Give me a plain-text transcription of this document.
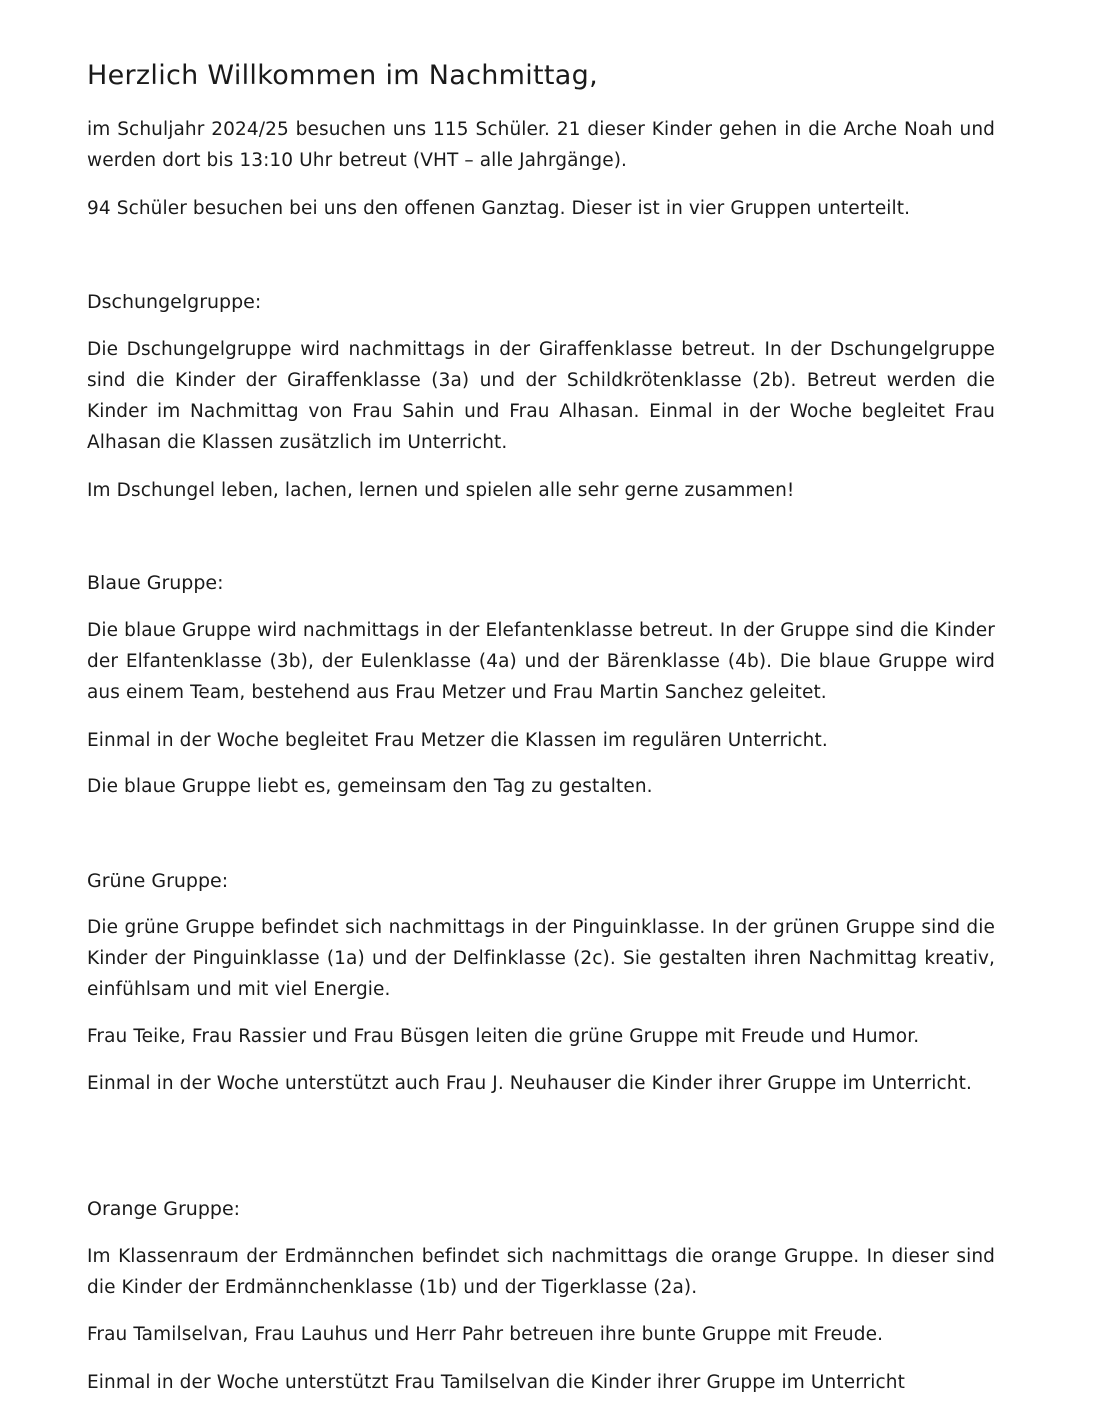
Herzlich Willkommen im Nachmittag,

im Schuljahr 2024/25 besuchen uns 115 Schüler. 21 dieser Kinder gehen in die Arche Noah und werden dort bis 13:10 Uhr betreut (VHT – alle Jahrgänge).

94 Schüler besuchen bei uns den offenen Ganztag. Dieser ist in vier Gruppen unterteilt.

Dschungelgruppe:

Die Dschungelgruppe wird nachmittags in der Giraffenklasse betreut. In der Dschungelgruppe sind die Kinder der Giraffenklasse (3a) und der Schildkrötenklasse (2b). Betreut werden die Kinder im Nachmittag von Frau Sahin und Frau Alhasan. Einmal in der Woche begleitet Frau Alhasan die Klassen zusätzlich im Unterricht.

Im Dschungel leben, lachen, lernen und spielen alle sehr gerne zusammen!

Blaue Gruppe:

Die blaue Gruppe wird nachmittags in der Elefantenklasse betreut. In der Gruppe sind die Kinder der Elfantenklasse (3b), der Eulenklasse (4a) und der Bärenklasse (4b). Die blaue Gruppe wird aus einem Team, bestehend aus Frau Metzer und Frau Martin Sanchez geleitet.

Einmal in der Woche begleitet Frau Metzer die Klassen im regulären Unterricht.

Die blaue Gruppe liebt es, gemeinsam den Tag zu gestalten.

Grüne Gruppe:

Die grüne Gruppe befindet sich nachmittags in der Pinguinklasse. In der grünen Gruppe sind die Kinder der Pinguinklasse (1a) und der Delfinklasse (2c). Sie gestalten ihren Nachmittag kreativ, einfühlsam und mit viel Energie.

Frau Teike, Frau Rassier und Frau Büsgen leiten die grüne Gruppe mit Freude und Humor.

Einmal in der Woche unterstützt auch Frau J. Neuhauser die Kinder ihrer Gruppe im Unterricht.

Orange Gruppe:

Im Klassenraum der Erdmännchen befindet sich nachmittags die orange Gruppe. In dieser sind die Kinder der Erdmännchenklasse (1b) und der Tigerklasse (2a).

Frau Tamilselvan, Frau Lauhus und Herr Pahr betreuen ihre bunte Gruppe mit Freude.

Einmal in der Woche unterstützt Frau Tamilselvan die Kinder ihrer Gruppe im Unterricht
